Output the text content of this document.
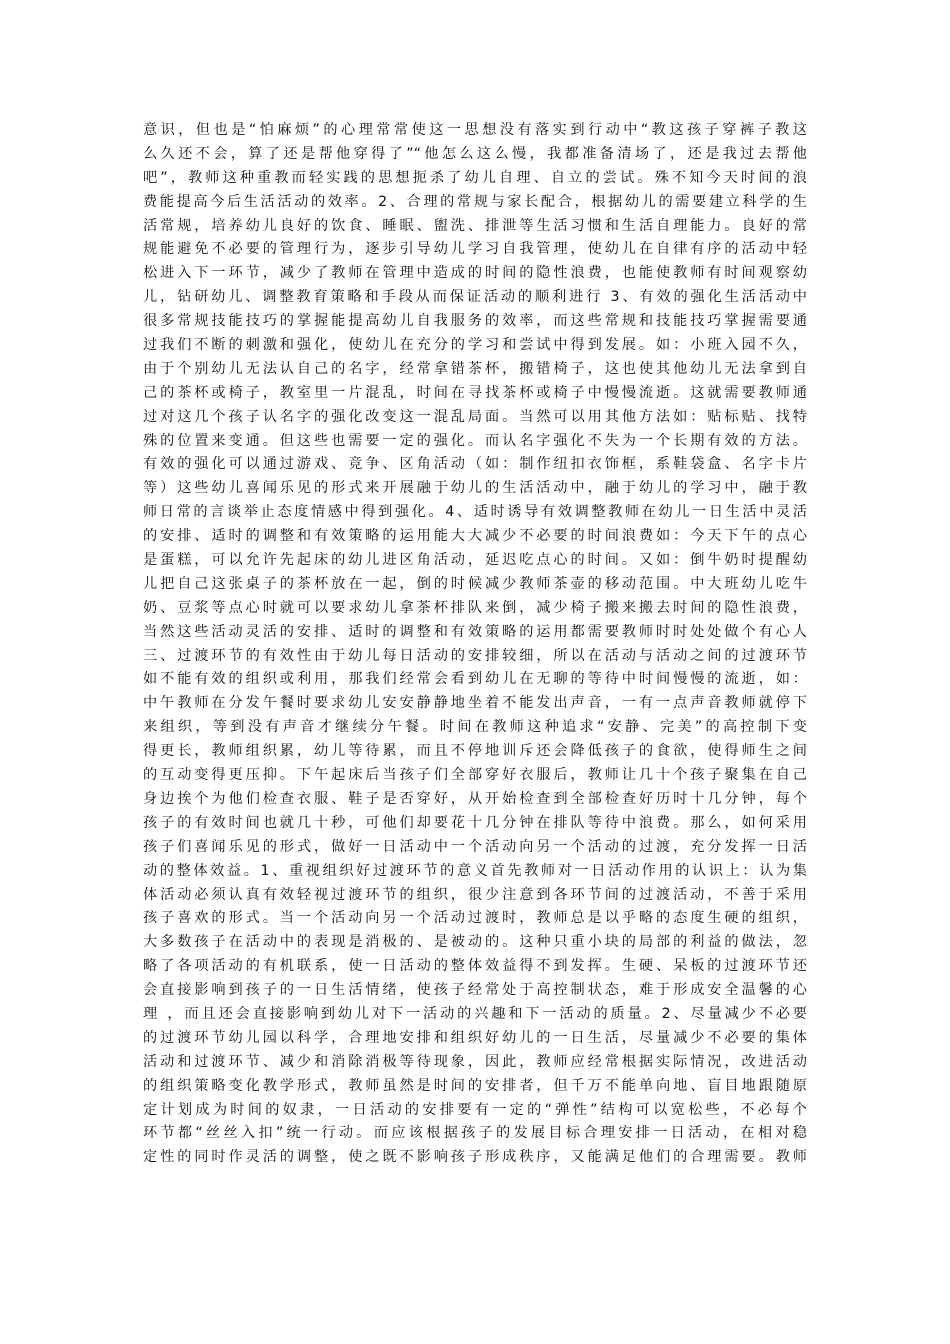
意识，但也是“怕麻烦”的心理常常使这一思想没有落实到行动中“教这孩子穿裤子教这
么久还不会，算了还是帮他穿得了”“他怎么这么慢，我都准备清场了，还是我过去帮他
吧”，教师这种重教而轻实践的思想扼杀了幼儿自理、自立的尝试。殊不知今天时间的浪
费能提高今后生活活动的效率。2、合理的常规与家长配合，根据幼儿的需要建立科学的生
活常规，培养幼儿良好的饮食、睡眠、盥洗、排泄等生活习惯和生活自理能力。良好的常
规能避免不必要的管理行为，逐步引导幼儿学习自我管理，使幼儿在自律有序的活动中轻
松进入下一环节，减少了教师在管理中造成的时间的隐性浪费，也能使教师有时间观察幼
儿，钻研幼儿、调整教育策略和手段从而保证活动的顺利进行 3、有效的强化生活活动中
很多常规技能技巧的掌握能提高幼儿自我服务的效率，而这些常规和技能技巧掌握需要通
过我们不断的刺激和强化，使幼儿在充分的学习和尝试中得到发展。如：小班入园不久，
由于个别幼儿无法认自己的名字，经常拿错茶杯，搬错椅子，这也使其他幼儿无法拿到自
己的茶杯或椅子，教室里一片混乱，时间在寻找茶杯或椅子中慢慢流逝。这就需要教师通
过对这几个孩子认名字的强化改变这一混乱局面。当然可以用其他方法如：贴标贴、找特
殊的位置来变通。但这些也需要一定的强化。而认名字强化不失为一个长期有效的方法。
有效的强化可以通过游戏、竞争、区角活动（如：制作纽扣衣饰框，系鞋袋盒、名字卡片
等）这些幼儿喜闻乐见的形式来开展融于幼儿的生活活动中，融于幼儿的学习中，融于教
师日常的言谈举止态度情感中得到强化。4、适时诱导有效调整教师在幼儿一日生活中灵活
的安排、适时的调整和有效策略的运用能大大减少不必要的时间浪费如：今天下午的点心
是蛋糕，可以允许先起床的幼儿进区角活动，延迟吃点心的时间。又如：倒牛奶时提醒幼
儿把自己这张桌子的茶杯放在一起，倒的时候减少教师茶壶的移动范围。中大班幼儿吃牛
奶、豆浆等点心时就可以要求幼儿拿茶杯排队来倒，减少椅子搬来搬去时间的隐性浪费，
当然这些活动灵活的安排、适时的调整和有效策略的运用都需要教师时时处处做个有心人
三、过渡环节的有效性由于幼儿每日活动的安排较细，所以在活动与活动之间的过渡环节
如不能有效的组织或利用，那我们经常会看到幼儿在无聊的等待中时间慢慢的流逝，如：
中午教师在分发午餐时要求幼儿安安静静地坐着不能发出声音，一有一点声音教师就停下
来组织，等到没有声音才继续分午餐。时间在教师这种追求“安静、完美”的高控制下变
得更长，教师组织累，幼儿等待累，而且不停地训斥还会降低孩子的食欲，使得师生之间
的互动变得更压抑。下午起床后当孩子们全部穿好衣服后，教师让几十个孩子聚集在自己
身边挨个为他们检查衣服、鞋子是否穿好，从开始检查到全部检查好历时十几分钟，每个
孩子的有效时间也就几十秒，可他们却要花十几分钟在排队等待中浪费。那么，如何采用
孩子们喜闻乐见的形式，做好一日活动中一个活动向另一个活动的过渡，充分发挥一日活
动的整体效益。1、重视组织好过渡环节的意义首先教师对一日活动作用的认识上：认为集
体活动必须认真有效轻视过渡环节的组织，很少注意到各环节间的过渡活动，不善于采用
孩子喜欢的形式。当一个活动向另一个活动过渡时，教师总是以乎略的态度生硬的组织，
大多数孩子在活动中的表现是消极的、是被动的。这种只重小块的局部的利益的做法，忽
略了各项活动的有机联系，使一日活动的整体效益得不到发挥。生硬、呆板的过渡环节还
会直接影响到孩子的一日生活情绪，使孩子经常处于高控制状态，难于形成安全温馨的心
理 ，而且还会直接影响到幼儿对下一活动的兴趣和下一活动的质量。2、尽量减少不必要
的过渡环节幼儿园以科学，合理地安排和组织好幼儿的一日生活，尽量减少不必要的集体
活动和过渡环节、减少和消除消极等待现象，因此，教师应经常根据实际情况，改进活动
的组织策略变化教学形式，教师虽然是时间的安排者，但千万不能单向地、盲目地跟随原
定计划成为时间的奴隶，一日活动的安排要有一定的“弹性”结构可以宽松些，不必每个
环节都“丝丝入扣”统一行动。而应该根据孩子的发展目标合理安排一日活动，在相对稳
定性的同时作灵活的调整，使之既不影响孩子形成秩序，又能满足他们的合理需要。教师
